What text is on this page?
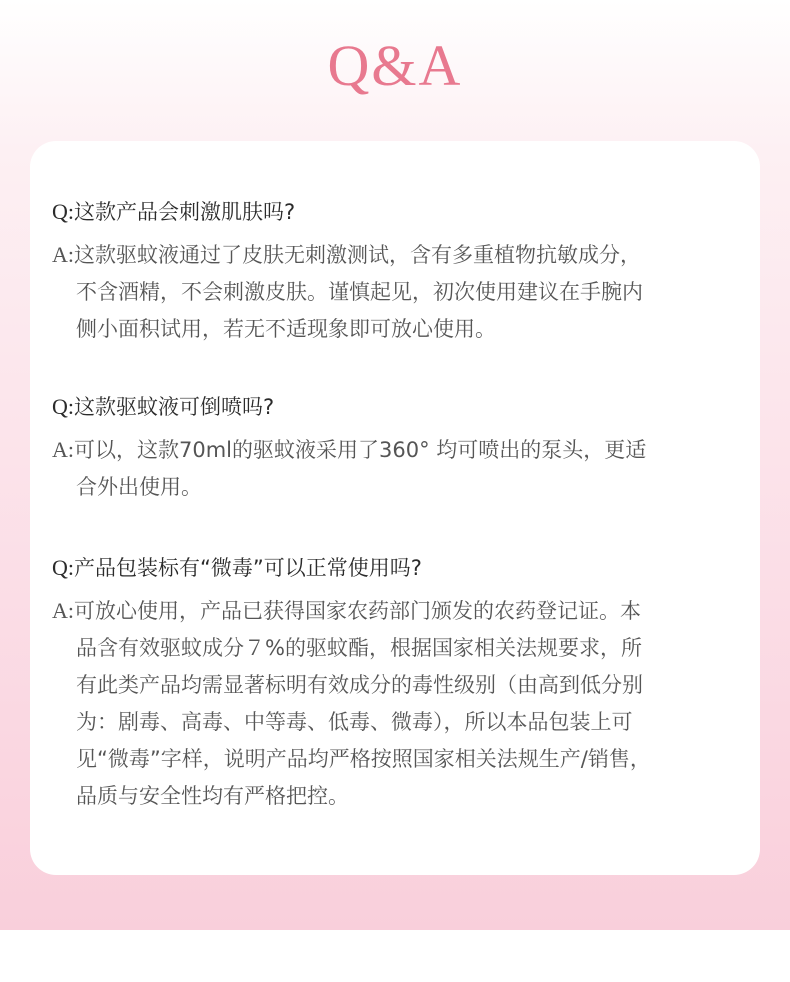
Q&A
Q:这款产品会刺激肌肤吗?
A:这款驱蚊液通过了皮肤无刺激测试，含有多重植物抗敏成分，
不含酒精，不会刺激皮肤。谨慎起见，初次使用建议在手腕内
侧小面积试用，若无不适现象即可放心使用。
Q:这款驱蚊液可倒喷吗?
A:可以，这款70ml的驱蚊液采用了360° 均可喷出的泵头，更适
合外出使用。
Q:产品包装标有“微毒”可以正常使用吗?
A:可放心使用，产品已获得国家农药部门颁发的农药登记证。本
品含有效驱蚊成分７%的驱蚊酯，根据国家相关法规要求，所
有此类产品均需显著标明有效成分的毒性级别（由高到低分别
为：剧毒、高毒、中等毒、低毒、微毒），所以本品包装上可
见“微毒”字样，说明产品均严格按照国家相关法规生产/销售，
品质与安全性均有严格把控。
